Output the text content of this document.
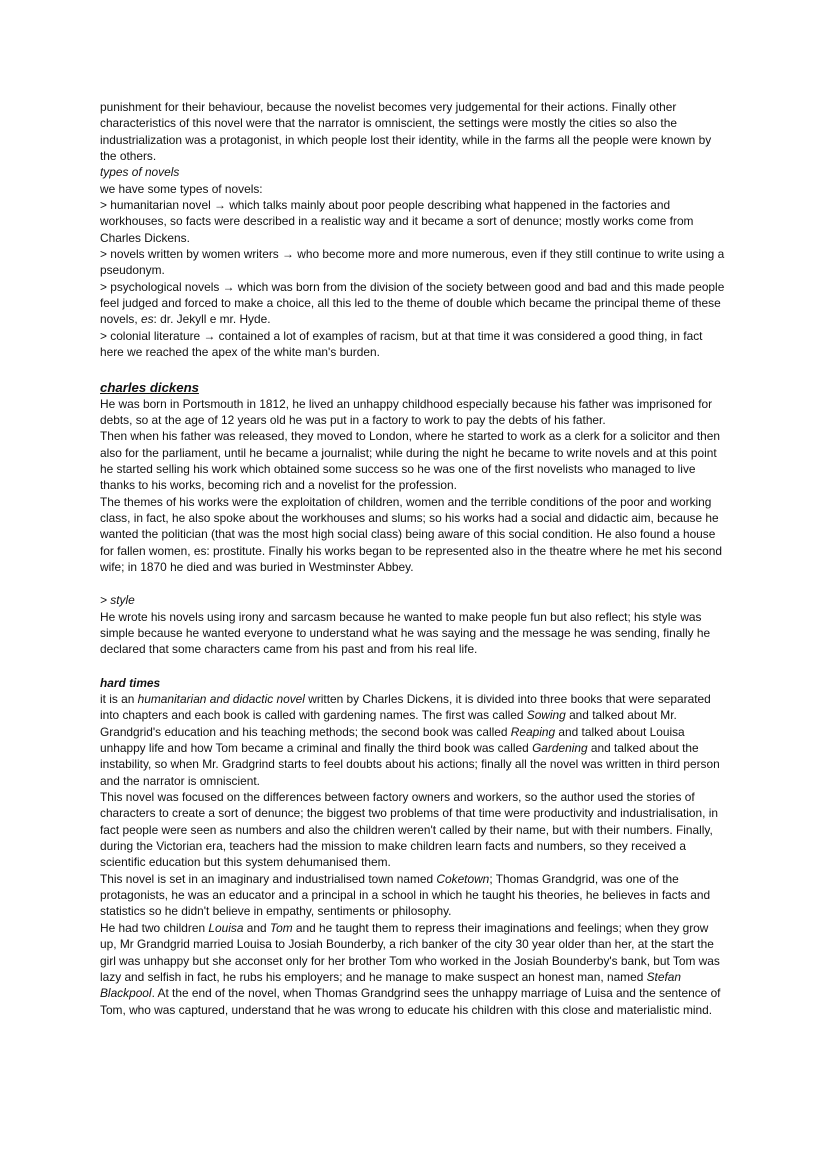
punishment for their behaviour, because the novelist becomes very judgemental for their actions. Finally other characteristics of this novel were that the narrator is omniscient, the settings were mostly the cities so also the industrialization was a protagonist, in which people lost their identity, while in the farms all the people were known by the others.

types of novels

we have some types of novels:

> humanitarian novel → which talks mainly about poor people describing what happened in the factories and workhouses, so facts were described in a realistic way and it became a sort of denunce; mostly works come from Charles Dickens.

> novels written by women writers → who become more and more numerous, even if they still continue to write using a pseudonym.

> psychological novels → which was born from the division of the society between good and bad and this made people feel judged and forced to make a choice, all this led to the theme of double which became the principal theme of these novels, es: dr. Jekyll e mr. Hyde.

> colonial literature → contained a lot of examples of racism, but at that time it was considered a good thing, in fact here we reached the apex of the white man's burden.

charles dickens

He was born in Portsmouth in 1812, he lived an unhappy childhood especially because his father was imprisoned for debts, so at the age of 12 years old he was put in a factory to work to pay the debts of his father.

Then when his father was released, they moved to London, where he started to work as a clerk for a solicitor and then also for the parliament, until he became a journalist; while during the night he became to write novels and at this point he started selling his work which obtained some success so he was one of the first novelists who managed to live thanks to his works, becoming rich and a novelist for the profession.

The themes of his works were the exploitation of children, women and the terrible conditions of the poor and working class, in fact, he also spoke about the workhouses and slums; so his works had a social and didactic aim, because he wanted the politician (that was the most high social class) being aware of this social condition. He also found a house for fallen women, es: prostitute. Finally his works began to be represented also in the theatre where he met his second wife; in 1870 he died and was buried in Westminster Abbey.

> style

He wrote his novels using irony and sarcasm because he wanted to make people fun but also reflect; his style was simple because he wanted everyone to understand what he was saying and the message he was sending, finally he declared that some characters came from his past and from his real life.

hard times

it is an humanitarian and didactic novel written by Charles Dickens, it is divided into three books that were separated into chapters and each book is called with gardening names. The first was called Sowing and talked about Mr. Grandgrid's education and his teaching methods; the second book was called Reaping and talked about Louisa unhappy life and how Tom became a criminal and finally the third book was called Gardening and talked about the instability, so when Mr. Gradgrind starts to feel doubts about his actions; finally all the novel was written in third person and the narrator is omniscient.

This novel was focused on the differences between factory owners and workers, so the author used the stories of characters to create a sort of denunce; the biggest two problems of that time were productivity and industrialisation, in fact people were seen as numbers and also the children weren't called by their name, but with their numbers. Finally, during the Victorian era, teachers had the mission to make children learn facts and numbers, so they received a scientific education but this system dehumanised them.

This novel is set in an imaginary and industrialised town named Coketown; Thomas Grandgrid, was one of the protagonists, he was an educator and a principal in a school in which he taught his theories, he believes in facts and statistics so he didn't believe in empathy, sentiments or philosophy.

He had two children Louisa and Tom and he taught them to repress their imaginations and feelings; when they grow up, Mr Grandgrid married Louisa to Josiah Bounderby, a rich banker of the city 30 year older than her, at the start the girl was unhappy but she acconset only for her brother Tom who worked in the Josiah Bounderby's bank, but Tom was lazy and selfish in fact, he rubs his employers; and he manage to make suspect an honest man, named Stefan Blackpool. At the end of the novel, when Thomas Grandgrind sees the unhappy marriage of Luisa and the sentence of Tom, who was captured, understand that he was wrong to educate his children with this close and materialistic mind.
